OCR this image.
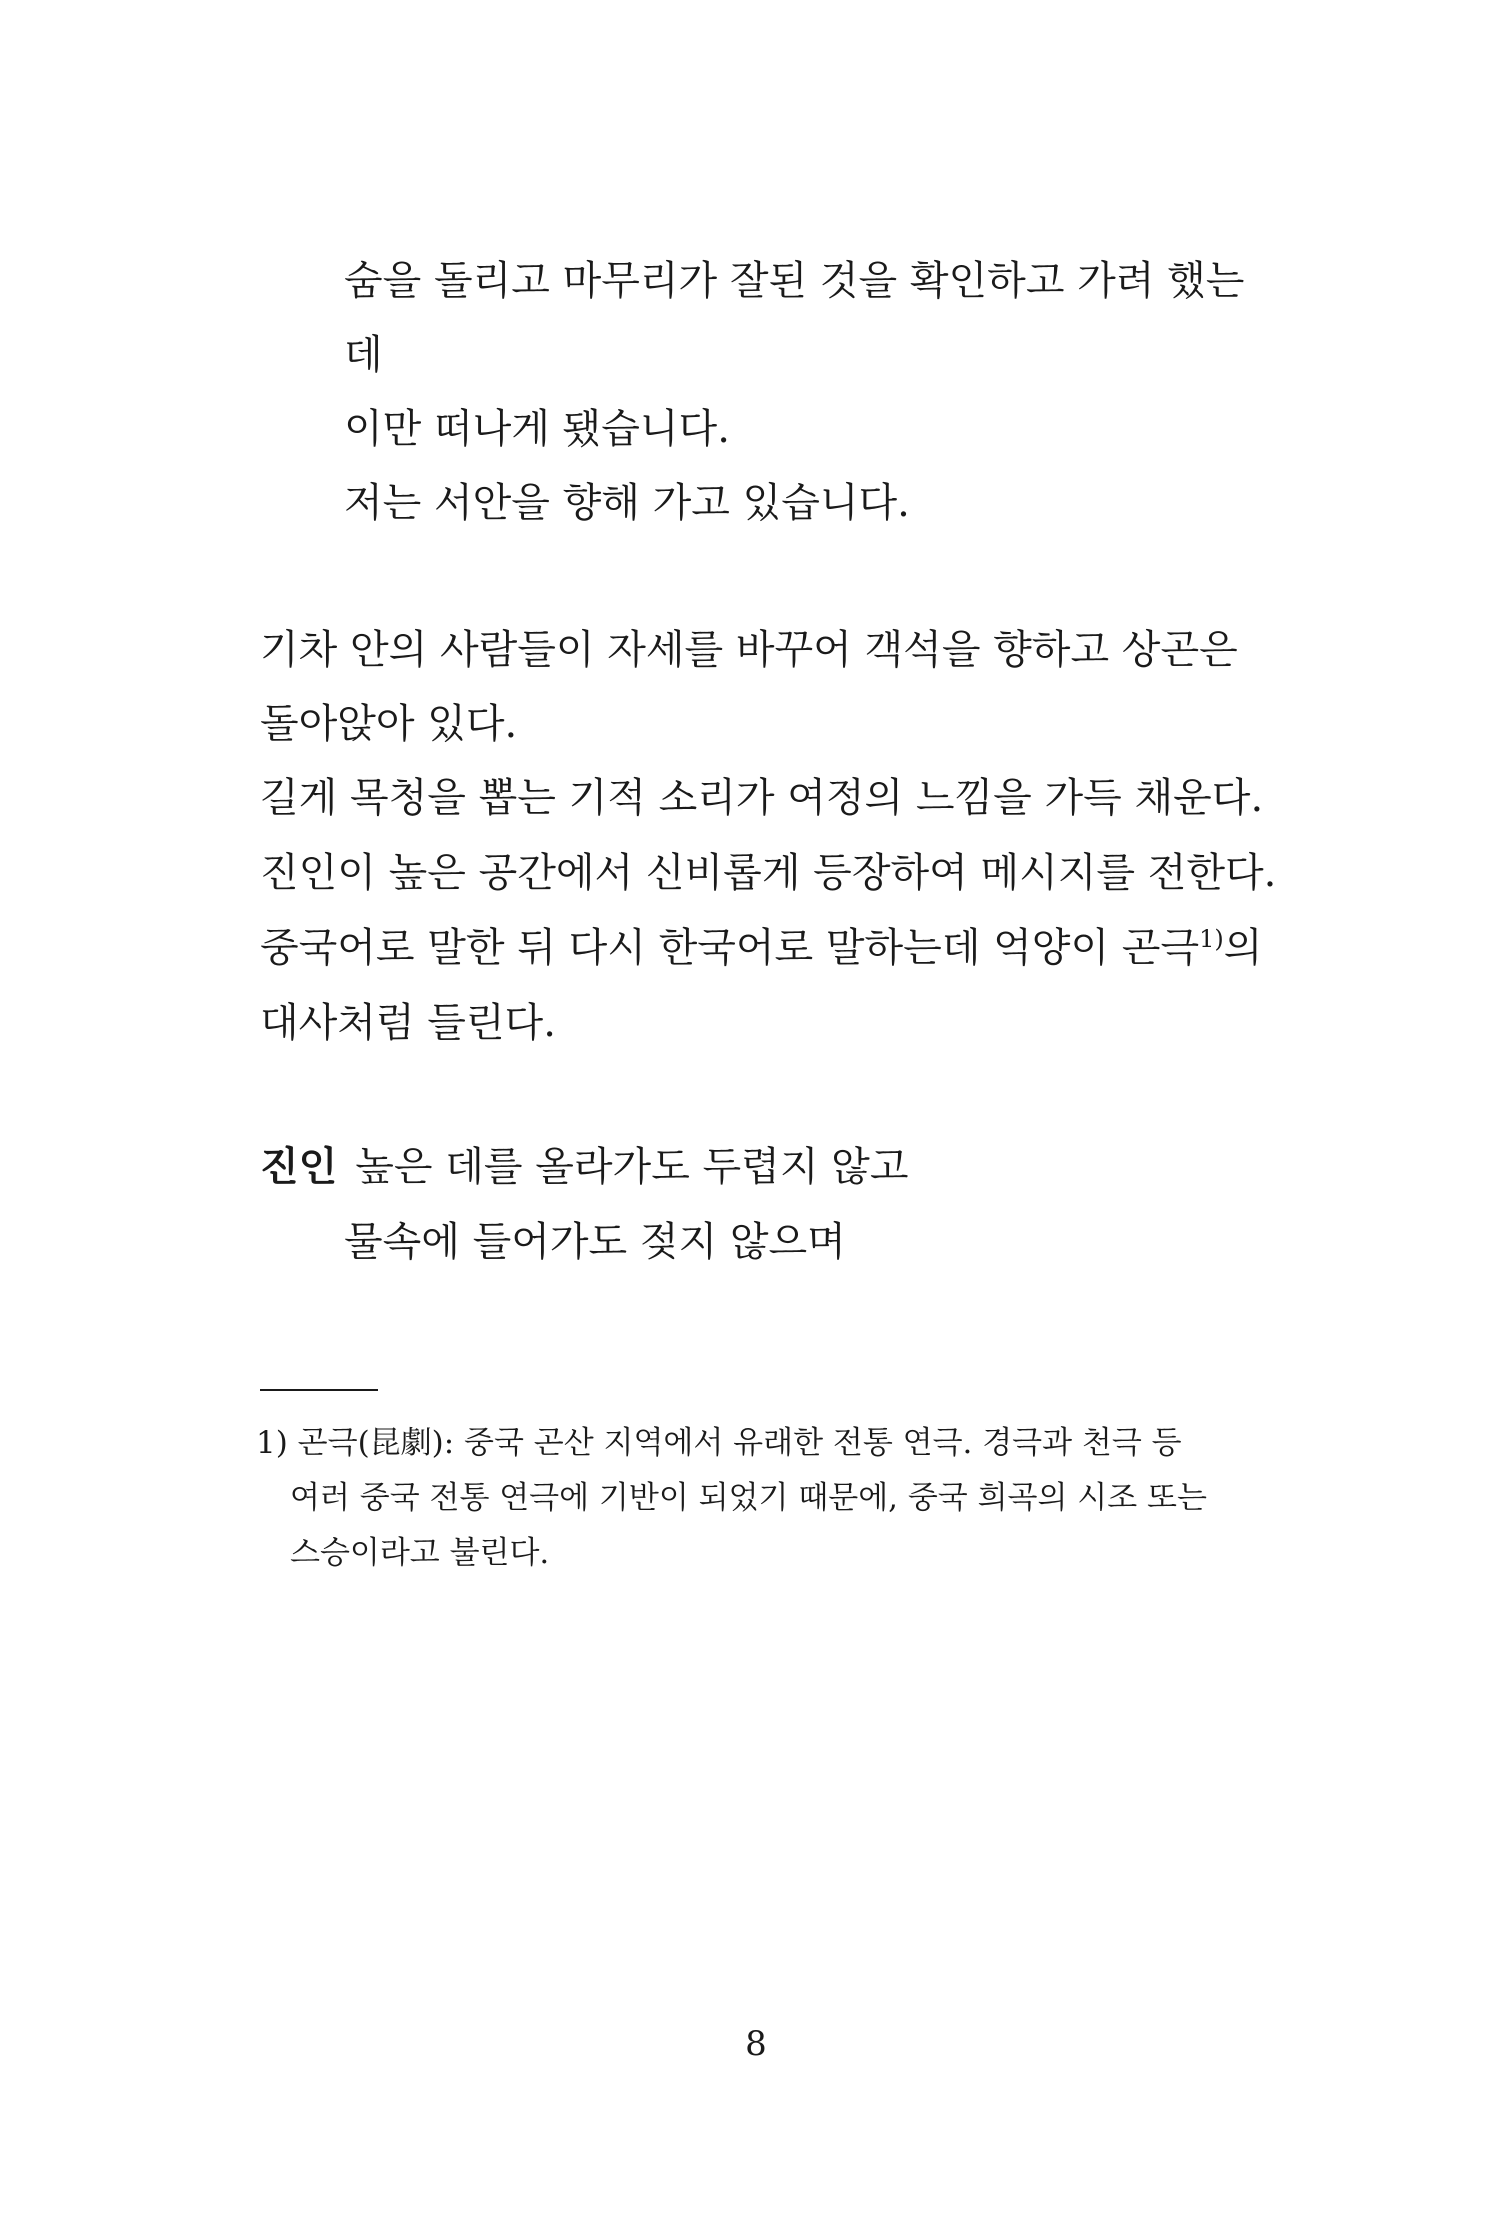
숨을 돌리고 마무리가 잘된 것을 확인하고 가려 했는
데
이만 떠나게 됐습니다.
저는 서안을 향해 가고 있습니다.
기차 안의 사람들이 자세를 바꾸어 객석을 향하고 상곤은
돌아앉아 있다.
길게 목청을 뽑는 기적 소리가 여정의 느낌을 가득 채운다.
진인이 높은 공간에서 신비롭게 등장하여 메시지를 전한다.
중국어로 말한 뒤 다시 한국어로 말하는데 억양이 곤극$^{1)}$의
대사처럼 들린다.
진인 높은 데를 올라가도 두렵지 않고
물속에 들어가도 젖지 않으며
1) 곤극(昆劇): 중국 곤산 지역에서 유래한 전통 연극. 경극과 천극 등
여러 중국 전통 연극에 기반이 되었기 때문에, 중국 희곡의 시조 또는
스승이라고 불린다.
8
